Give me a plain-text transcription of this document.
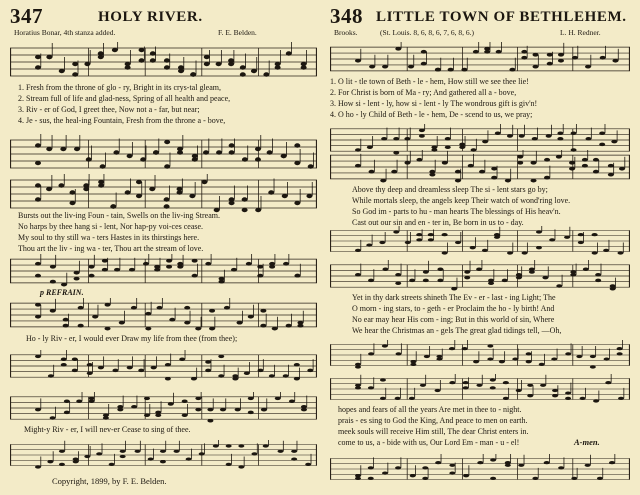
347	HOLY RIVER.
Horatius Bonar, 4th stanza added.	F. E. Belden.
1. Fresh from the throne of glo - ry, Bright in its crys-tal gleam,
2. Stream full of life and glad-ness, Spring of all health and peace,
3. Riv - er of God, I greet thee, Now not a - far, but near;
4. Je - sus, the heal-ing Fountain, Fresh from the throne a - bove,
Bursts out the liv-ing Foun - tain, Swells on the liv-ing Stream.
No harps by thee hang si - lent, Nor hap-py voi-ces cease.
My soul to thy still wa - ters Hastes in its thirstings here.
Thou art the liv - ing wa - ter, Thou art the stream of love.
p REFRAIN.
Ho - ly Riv - er, I would ever Draw my life from thee (from thee);
Might-y Riv - er, I will nev-er Cease to sing of thee.
Copyright, 1899, by F. E. Belden.
348 LITTLE TOWN OF BETHLEHEM.
Brooks.	(St. Louis. 8, 6, 8, 6, 7, 6, 8, 6.)	L. H. Redner.
1. O lit - tle town of Beth - le - hem, How still we see thee lie!
2. For Christ is born of Ma - ry; And gathered all a - bove,
3. How si - lent - ly, how si - lent - ly The wondrous gift is giv'n!
4. O ho - ly Child of Beth - le - hem, De - scend to us, we pray;
Above thy deep and dreamless sleep The si - lent stars go by;
While mortals sleep, the angels keep Their watch of wond'ring love.
So God im - parts to hu - man hearts The blessings of His heav'n.
Cast out our sin and en - ter in, Be born in us to - day.
Yet in thy dark streets shineth The Ev - er - last - ing Light; The
O morn - ing stars, to - geth - er Proclaim the ho - ly birth! And
No ear may hear His com - ing; But in this world of sin, Where
We hear the Christmas an - gels The great glad tidings tell, —Oh,
hopes and fears of all the years Are met in thee to - night.
prais - es sing to God the King, And peace to men on earth.
meek souls will receive Him still, The dear Christ enters in.
come to us, a - bide with us, Our Lord Em - man - u - el!	A-men.
